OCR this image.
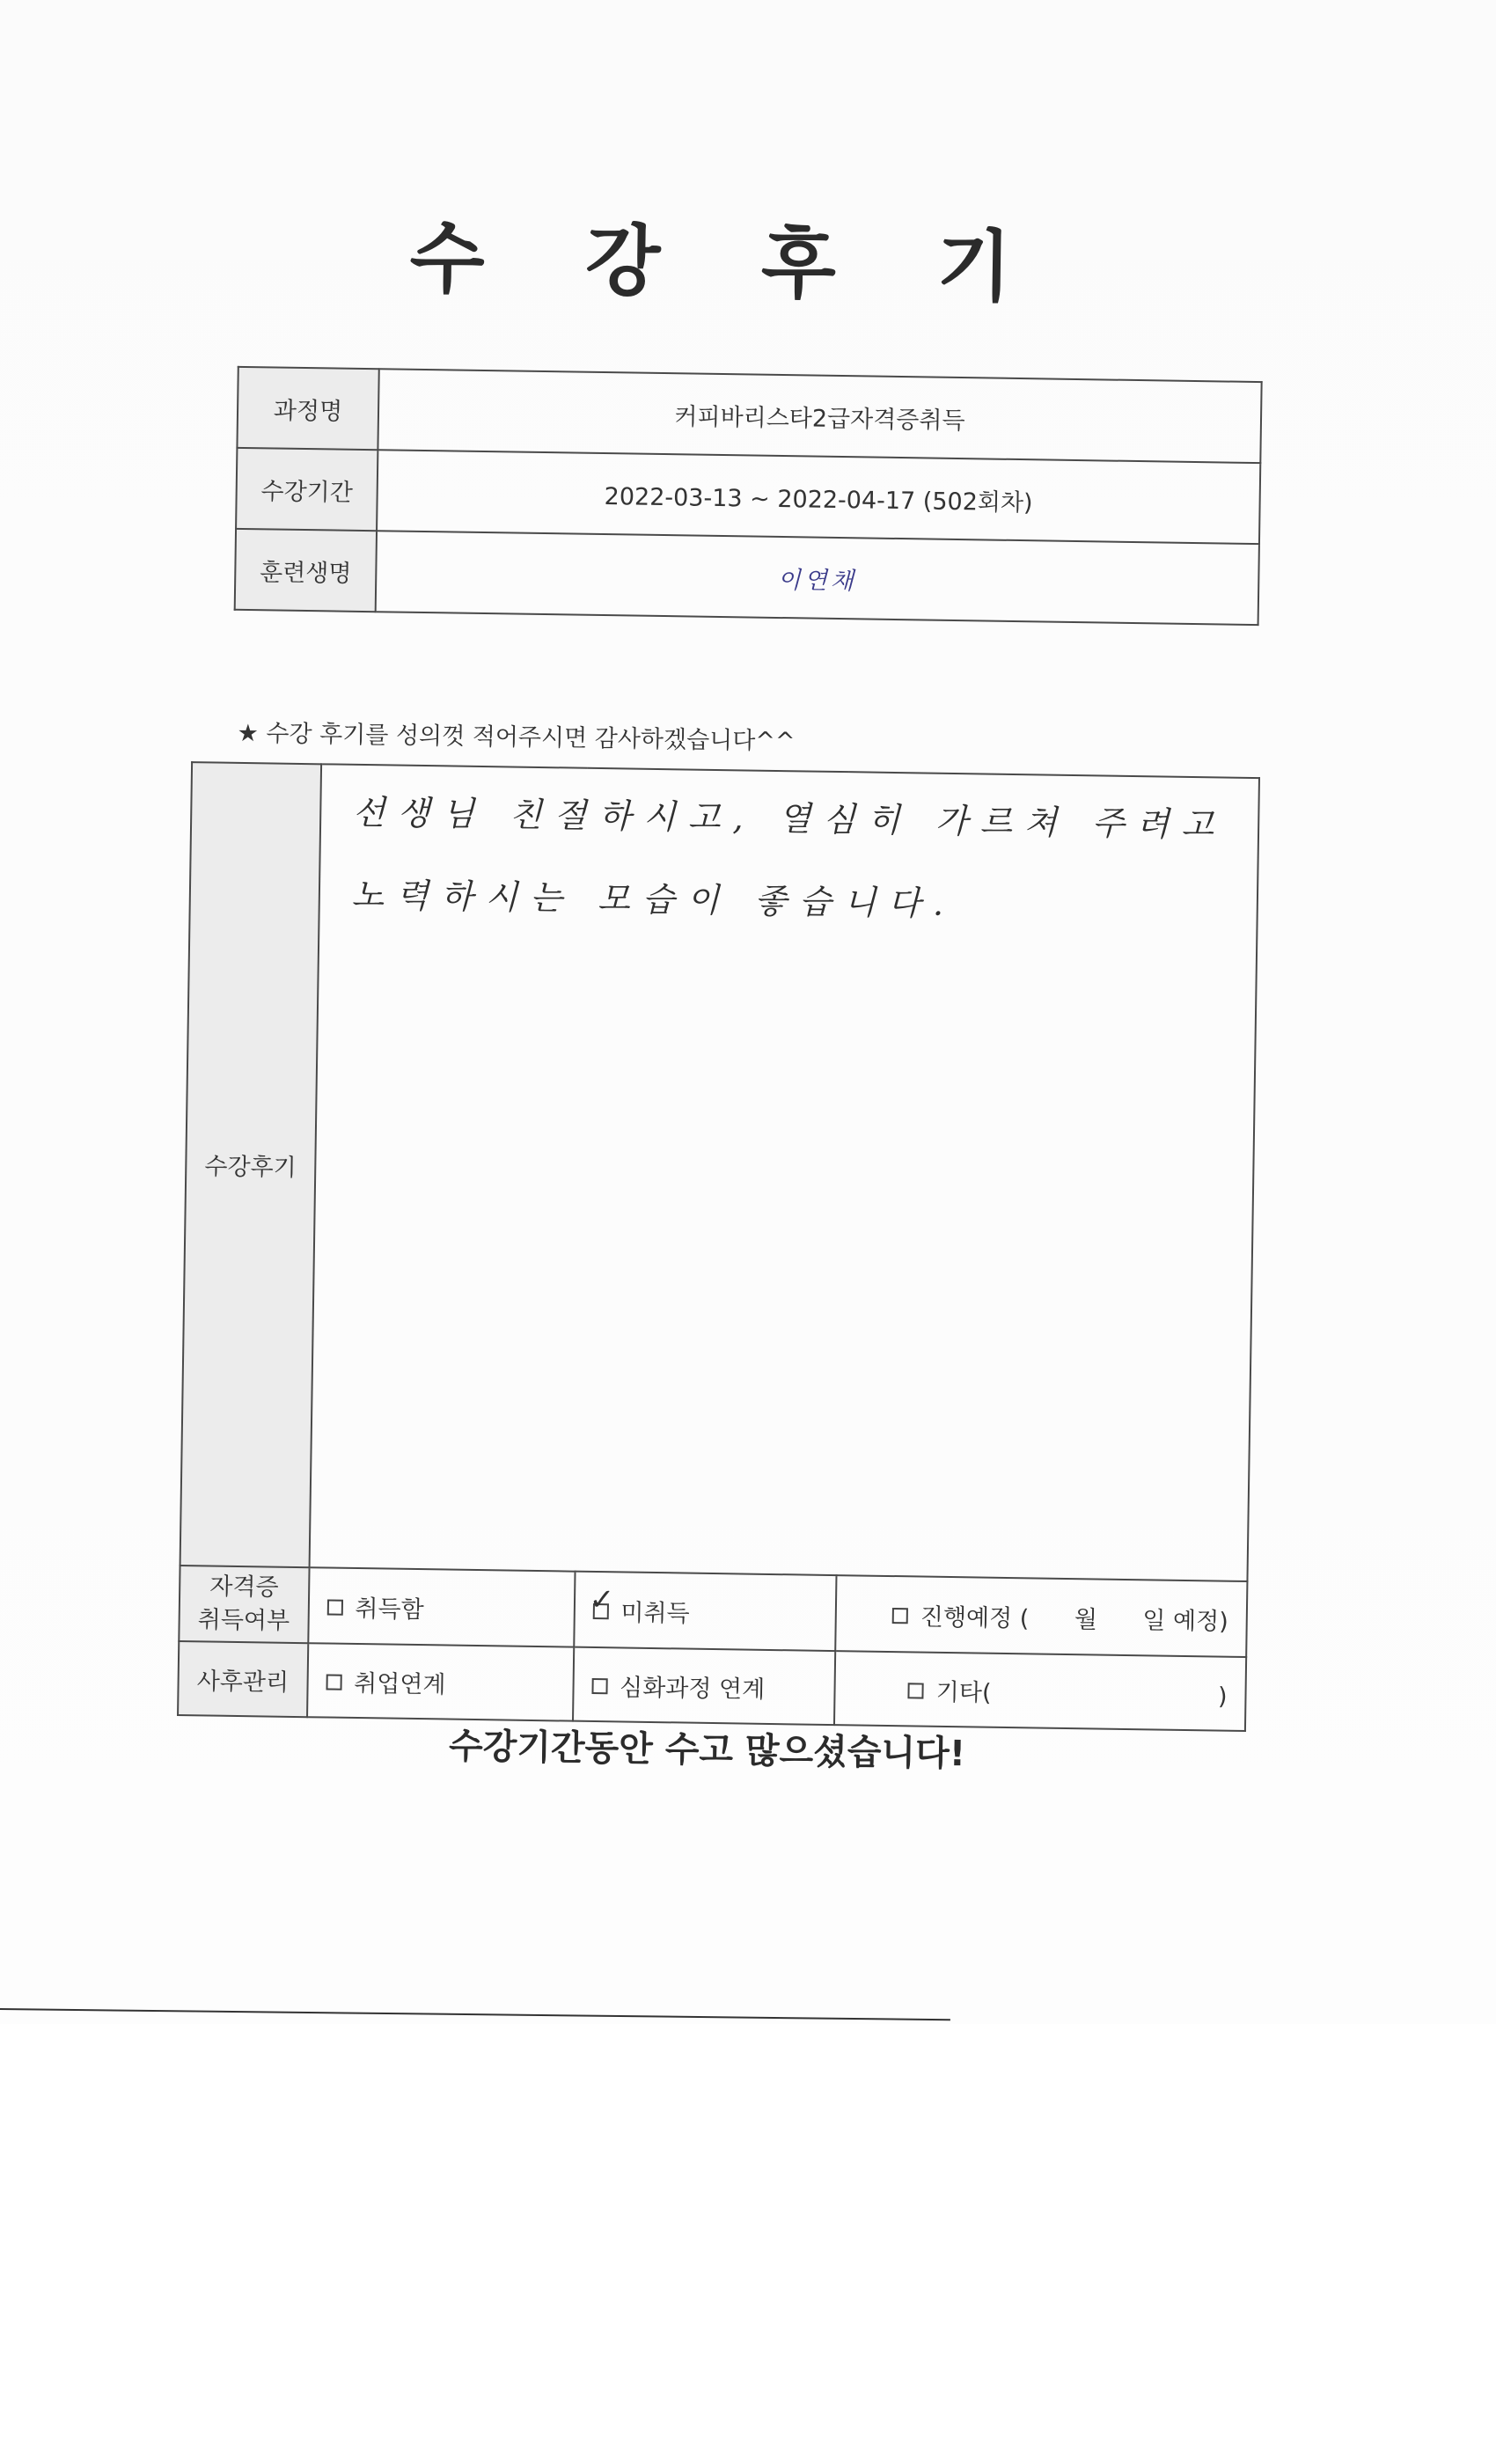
수 강 후 기
과정명	커피바리스타2급자격증취득
수강기간	2022-03-13 ~ 2022-04-17 (502회차)
훈련생명	이연채
★ 수강 후기를 성의껏 적어주시면 감사하겠습니다^^
수강후기	선생님 친절하시고, 열심히 가르쳐 주려고
노력하시는 모습이 좋습니다.		

자격증
취득여부	취득함	✓ 미취득	진행예정 (      월      일 예정)
사후관리	취업연계	심화과정 연계	기타(                              )
수강기간동안 수고 많으셨습니다!
